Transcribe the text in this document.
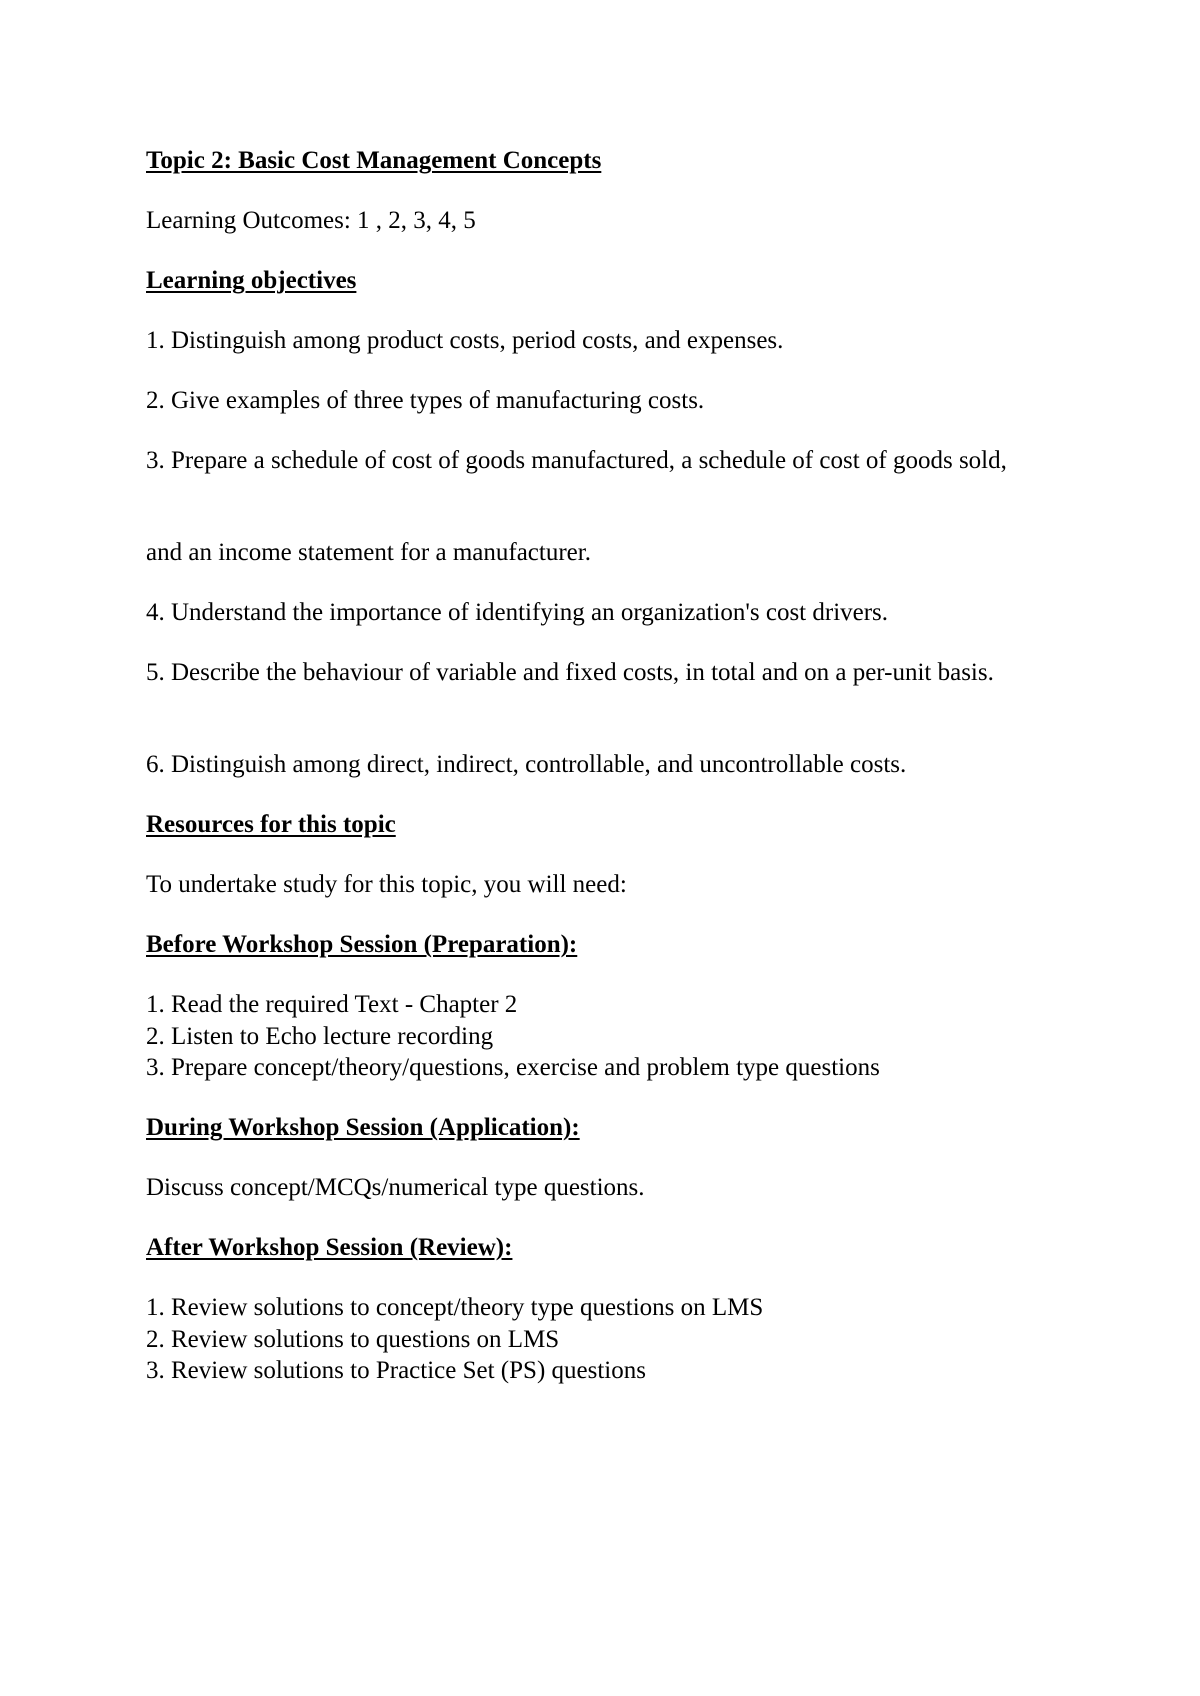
Topic 2: Basic Cost Management Concepts
Learning Outcomes: 1 , 2, 3, 4, 5
Learning objectives
1. Distinguish among product costs, period costs, and expenses.
2. Give examples of three types of manufacturing costs.
3. Prepare a schedule of cost of goods manufactured, a schedule of cost of goods sold,
and an income statement for a manufacturer.
4. Understand the importance of identifying an organization's cost drivers.
5. Describe the behaviour of variable and fixed costs, in total and on a per-unit basis.
6. Distinguish among direct, indirect, controllable, and uncontrollable costs.
Resources for this topic
To undertake study for this topic, you will need:
Before Workshop Session (Preparation):
1. Read the required Text - Chapter 2
2. Listen to Echo lecture recording
3. Prepare concept/theory/questions, exercise and problem type questions
During Workshop Session (Application):
Discuss concept/MCQs/numerical type questions.
After Workshop Session (Review):
1. Review solutions to concept/theory type questions on LMS
2. Review solutions to questions on LMS
3. Review solutions to Practice Set (PS) questions
